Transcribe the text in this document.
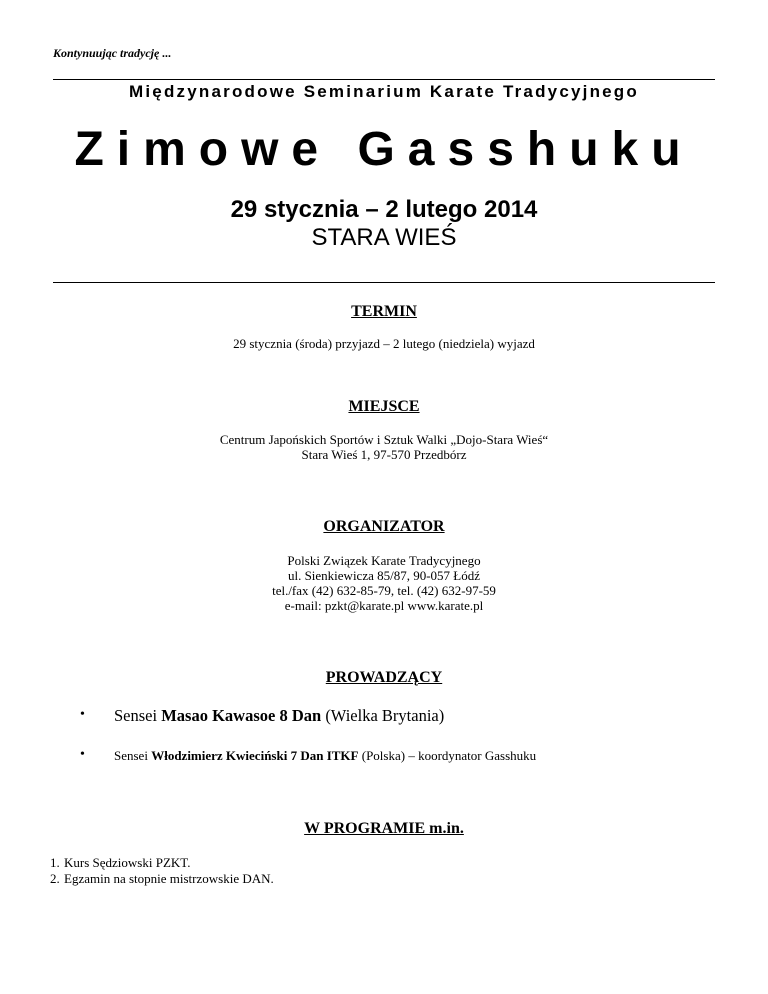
Kontynuując tradycję ...
Międzynarodowe Seminarium Karate Tradycyjnego
Zimowe Gasshuku
29 stycznia – 2 lutego 2014
STARA WIEŚ
TERMIN
29 stycznia (środa) przyjazd – 2 lutego (niedziela) wyjazd
MIEJSCE
Centrum Japońskich Sportów i Sztuk Walki „Dojo-Stara Wieś“
Stara Wieś 1, 97-570 Przedbórz
ORGANIZATOR
Polski Związek Karate Tradycyjnego
ul. Sienkiewicza 85/87, 90-057 Łódź
tel./fax (42) 632-85-79, tel. (42) 632-97-59
e-mail: pzkt@karate.pl www.karate.pl
PROWADZĄCY
• Sensei Masao Kawasoe 8 Dan (Wielka Brytania)
• Sensei Włodzimierz Kwieciński 7 Dan ITKF (Polska) – koordynator Gasshuku
W PROGRAMIE m.in.
1. Kurs Sędziowski PZKT.
2. Egzamin na stopnie mistrzowskie DAN.
